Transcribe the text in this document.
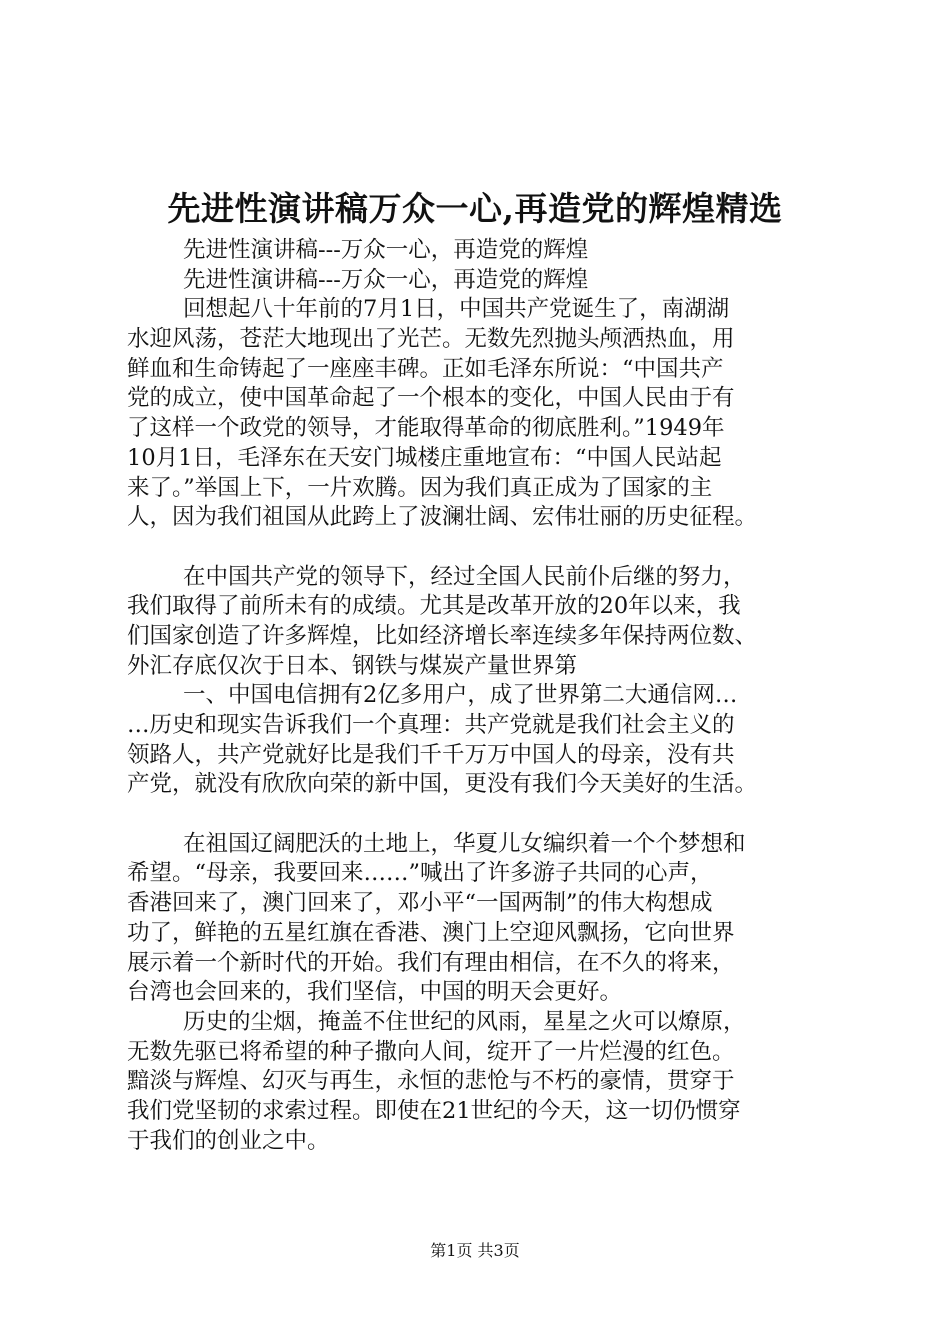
先进性演讲稿万众一心,再造党的辉煌精选
先进性演讲稿---万众一心，再造党的辉煌
先进性演讲稿---万众一心，再造党的辉煌
回想起八十年前的7月1日，中国共产党诞生了，南湖湖
水迎风荡，苍茫大地现出了光芒。无数先烈抛头颅洒热血，用
鲜血和生命铸起了一座座丰碑。正如毛泽东所说：“中国共产
党的成立，使中国革命起了一个根本的变化，中国人民由于有
了这样一个政党的领导，才能取得革命的彻底胜利。”1949年
10月1日，毛泽东在天安门城楼庄重地宣布：“中国人民站起
来了。”举国上下，一片欢腾。因为我们真正成为了国家的主
人，因为我们祖国从此跨上了波澜壮阔、宏伟壮丽的历史征程。
在中国共产党的领导下，经过全国人民前仆后继的努力，
我们取得了前所未有的成绩。尤其是改革开放的20年以来，我
们国家创造了许多辉煌，比如经济增长率连续多年保持两位数、
外汇存底仅次于日本、钢铁与煤炭产量世界第
一、中国电信拥有2亿多用户，成了世界第二大通信网…
…历史和现实告诉我们一个真理：共产党就是我们社会主义的
领路人，共产党就好比是我们千千万万中国人的母亲，没有共
产党，就没有欣欣向荣的新中国，更没有我们今天美好的生活。
在祖国辽阔肥沃的土地上，华夏儿女编织着一个个梦想和
希望。“母亲，我要回来……”喊出了许多游子共同的心声，
香港回来了，澳门回来了，邓小平“一国两制”的伟大构想成
功了，鲜艳的五星红旗在香港、澳门上空迎风飘扬，它向世界
展示着一个新时代的开始。我们有理由相信，在不久的将来，
台湾也会回来的，我们坚信，中国的明天会更好。
历史的尘烟，掩盖不住世纪的风雨，星星之火可以燎原，
无数先驱已将希望的种子撒向人间，绽开了一片烂漫的红色。
黯淡与辉煌、幻灭与再生，永恒的悲怆与不朽的豪情，贯穿于
我们党坚韧的求索过程。即使在21世纪的今天，这一切仍惯穿
于我们的创业之中。
第1页 共3页
